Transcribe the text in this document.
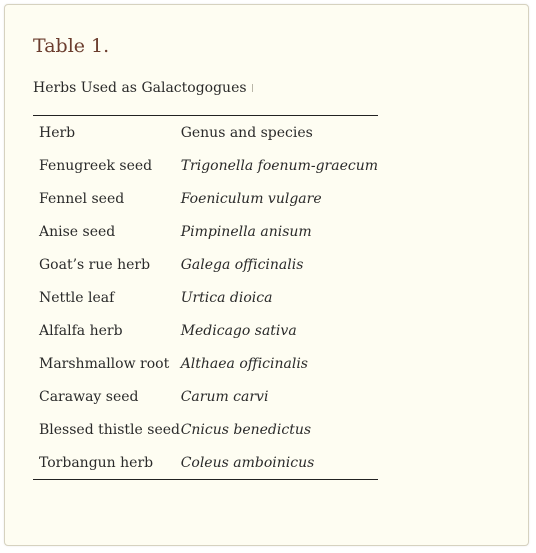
Table 1.
Herbs Used as Galactogogues
Herb	Genus and species
Fenugreek seed	Trigonella foenum-graecum
Fennel seed	Foeniculum vulgare
Anise seed	Pimpinella anisum
Goat’s rue herb	Galega officinalis
Nettle leaf	Urtica dioica
Alfalfa herb	Medicago sativa
Marshmallow root	Althaea officinalis
Caraway seed	Carum carvi
Blessed thistle seed	Cnicus benedictus
Torbangun herb	Coleus amboinicus
